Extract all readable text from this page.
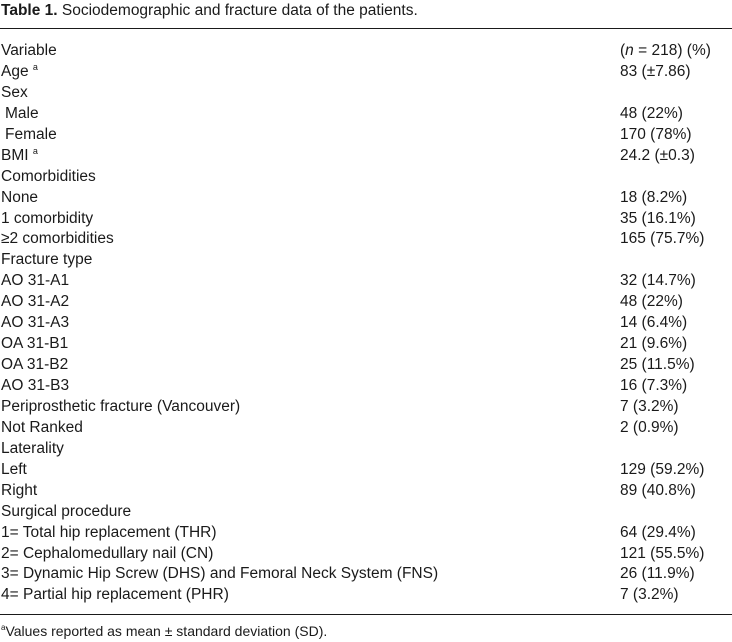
Table 1. Sociodemographic and fracture data of the patients.
Variable	(n = 218) (%)
Age $^a$	83 (±7.86)
Sex
Male	48 (22%)
Female	170 (78%)
BMI $^a$	24.2 (±0.3)
Comorbidities
None	18 (8.2%)
1 comorbidity	35 (16.1%)
≥2 comorbidities	165 (75.7%)
Fracture type
AO 31-A1	32 (14.7%)
AO 31-A2	48 (22%)
AO 31-A3	14 (6.4%)
OA 31-B1	21 (9.6%)
OA 31-B2	25 (11.5%)
AO 31-B3	16 (7.3%)
Periprosthetic fracture (Vancouver)	7 (3.2%)
Not Ranked	2 (0.9%)
Laterality
Left	129 (59.2%)
Right	89 (40.8%)
Surgical procedure
1= Total hip replacement (THR)	64 (29.4%)
2= Cephalomedullary nail (CN)	121 (55.5%)
3= Dynamic Hip Screw (DHS) and Femoral Neck System (FNS)	26 (11.9%)
4= Partial hip replacement (PHR)	7 (3.2%)
$^a$Values reported as mean ± standard deviation (SD).
